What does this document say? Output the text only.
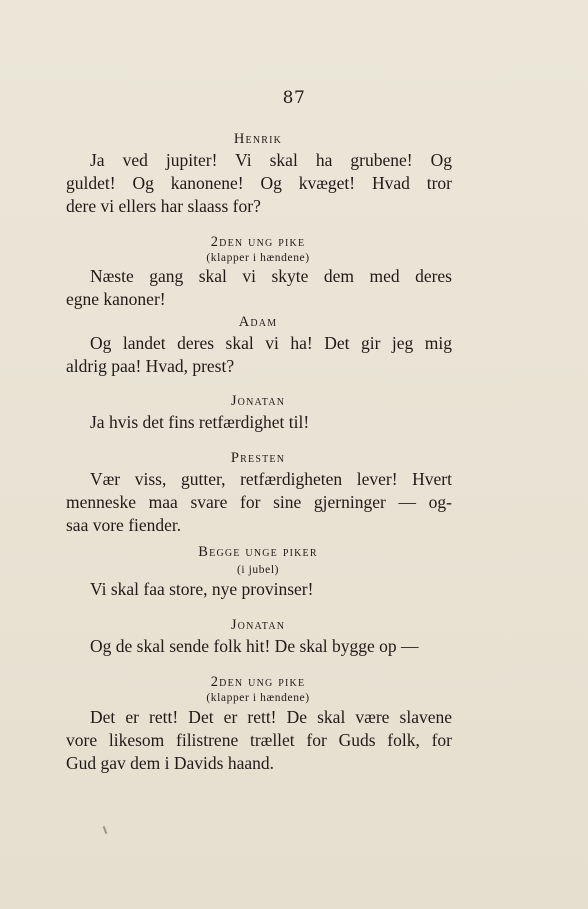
87
Henrik
Ja ved jupiter! Vi skal ha grubene! Og
guldet! Og kanonene! Og kvæget! Hvad tror
dere vi ellers har slaass for?
2den ung pike
(klapper i hændene)
Næste gang skal vi skyte dem med deres
egne kanoner!
Adam
Og landet deres skal vi ha! Det gir jeg mig
aldrig paa! Hvad, prest?
Jonatan
Ja hvis det fins retfærdighet til!
Presten
Vær viss, gutter, retfærdigheten lever! Hvert
menneske maa svare for sine gjerninger — og-
saa vore fiender.
Begge unge piker
(i jubel)
Vi skal faa store, nye provinser!
Jonatan
Og de skal sende folk hit! De skal bygge op —
2den ung pike
(klapper i hændene)
Det er rett! Det er rett! De skal være slavene
vore likesom filistrene trællet for Guds folk, for
Gud gav dem i Davids haand.
